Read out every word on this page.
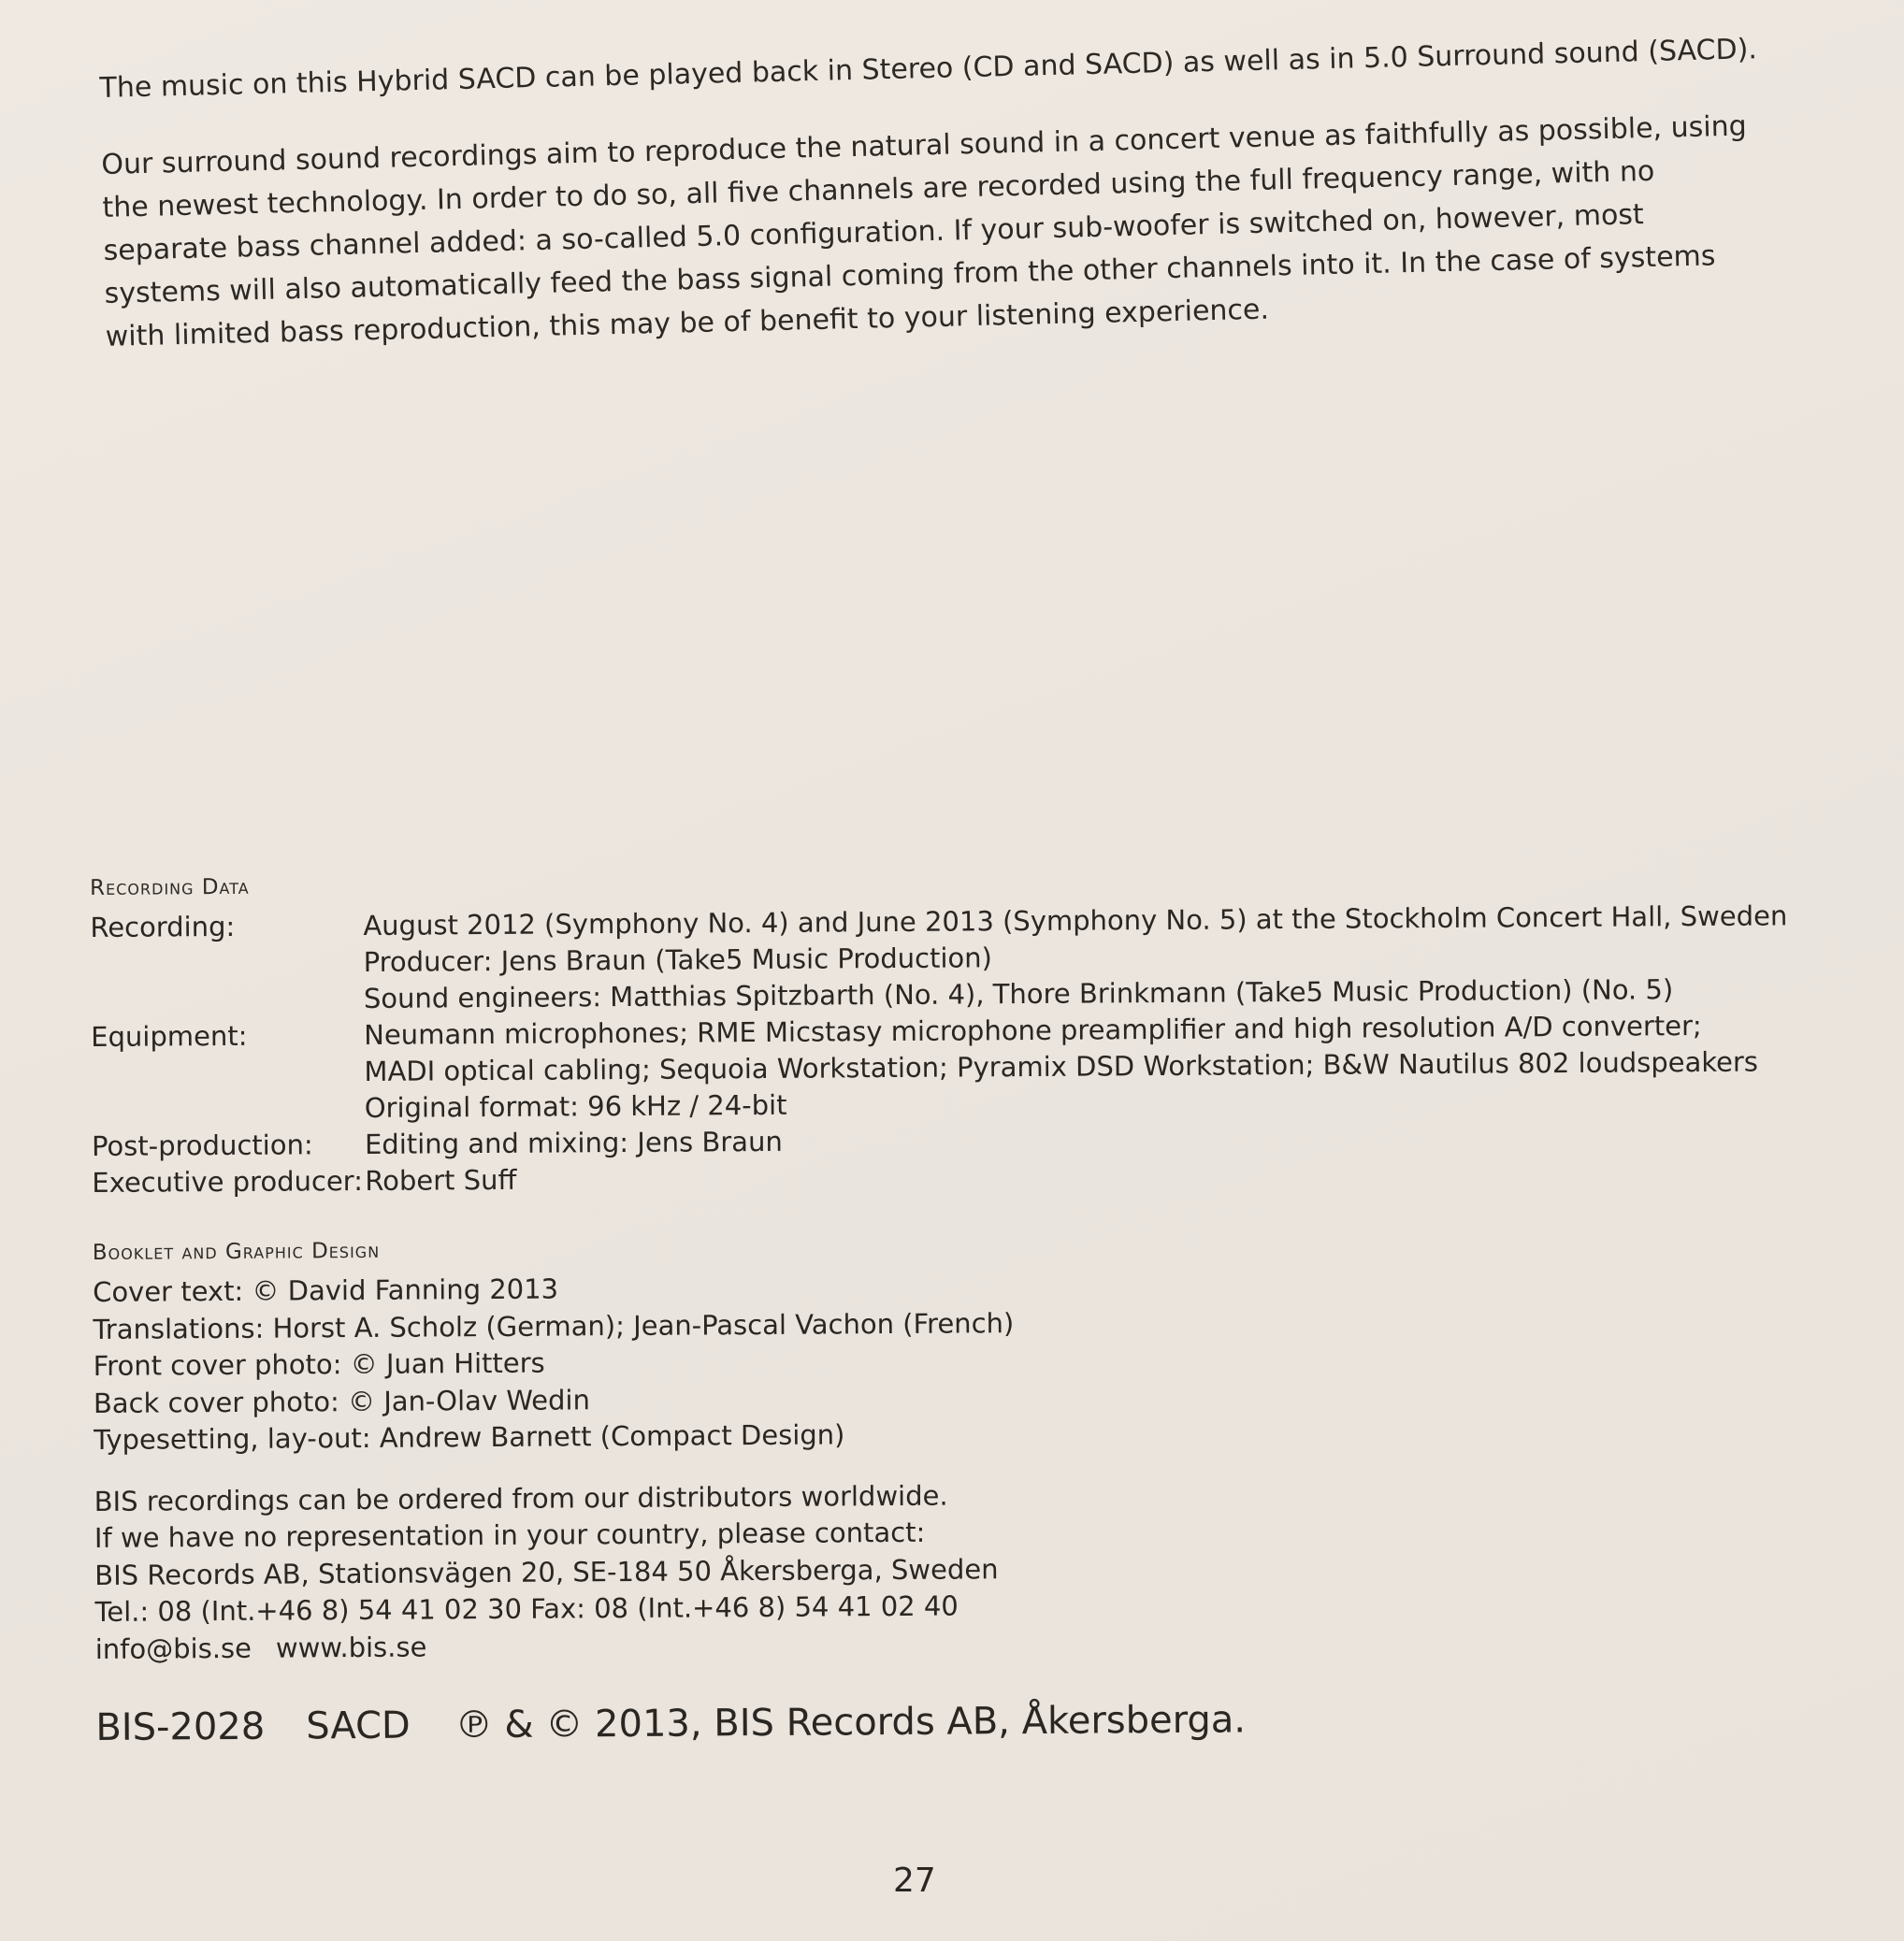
The music on this Hybrid SACD can be played back in Stereo (CD and SACD) as well as in 5.0 Surround sound (SACD).

Our surround sound recordings aim to reproduce the natural sound in a concert venue as faithfully as possible, using the newest technology. In order to do so, all five channels are recorded using the full frequency range, with no separate bass channel added: a so-called 5.0 configuration. If your sub-woofer is switched on, however, most systems will also automatically feed the bass signal coming from the other channels into it. In the case of systems with limited bass reproduction, this may be of benefit to your listening experience.

Recording Data
Recording:	August 2012 (Symphony No. 4) and June 2013 (Symphony No. 5) at the Stockholm Concert Hall, Sweden
Producer: Jens Braun (Take5 Music Production)
Sound engineers: Matthias Spitzbarth (No. 4), Thore Brinkmann (Take5 Music Production) (No. 5)
Equipment:	Neumann microphones; RME Micstasy microphone preamplifier and high resolution A/D converter;
MADI optical cabling; Sequoia Workstation; Pyramix DSD Workstation; B&W Nautilus 802 loudspeakers
Original format: 96 kHz / 24-bit
Post-production:	Editing and mixing: Jens Braun
Executive producer: Robert Suff
Booklet and Graphic Design
Cover text: © David Fanning 2013
Translations: Horst A. Scholz (German); Jean-Pascal Vachon (French)
Front cover photo: © Juan Hitters
Back cover photo: © Jan-Olav Wedin
Typesetting, lay-out: Andrew Barnett (Compact Design)
BIS recordings can be ordered from our distributors worldwide.
If we have no representation in your country, please contact:
BIS Records AB, Stationsvägen 20, SE-184 50 Åkersberga, Sweden
Tel.: 08 (Int.+46 8) 54 41 02 30 Fax: 08 (Int.+46 8) 54 41 02 40
info@bis.se www.bis.se
BIS-2028 SACD ℗ & © 2013, BIS Records AB, Åkersberga.
27
